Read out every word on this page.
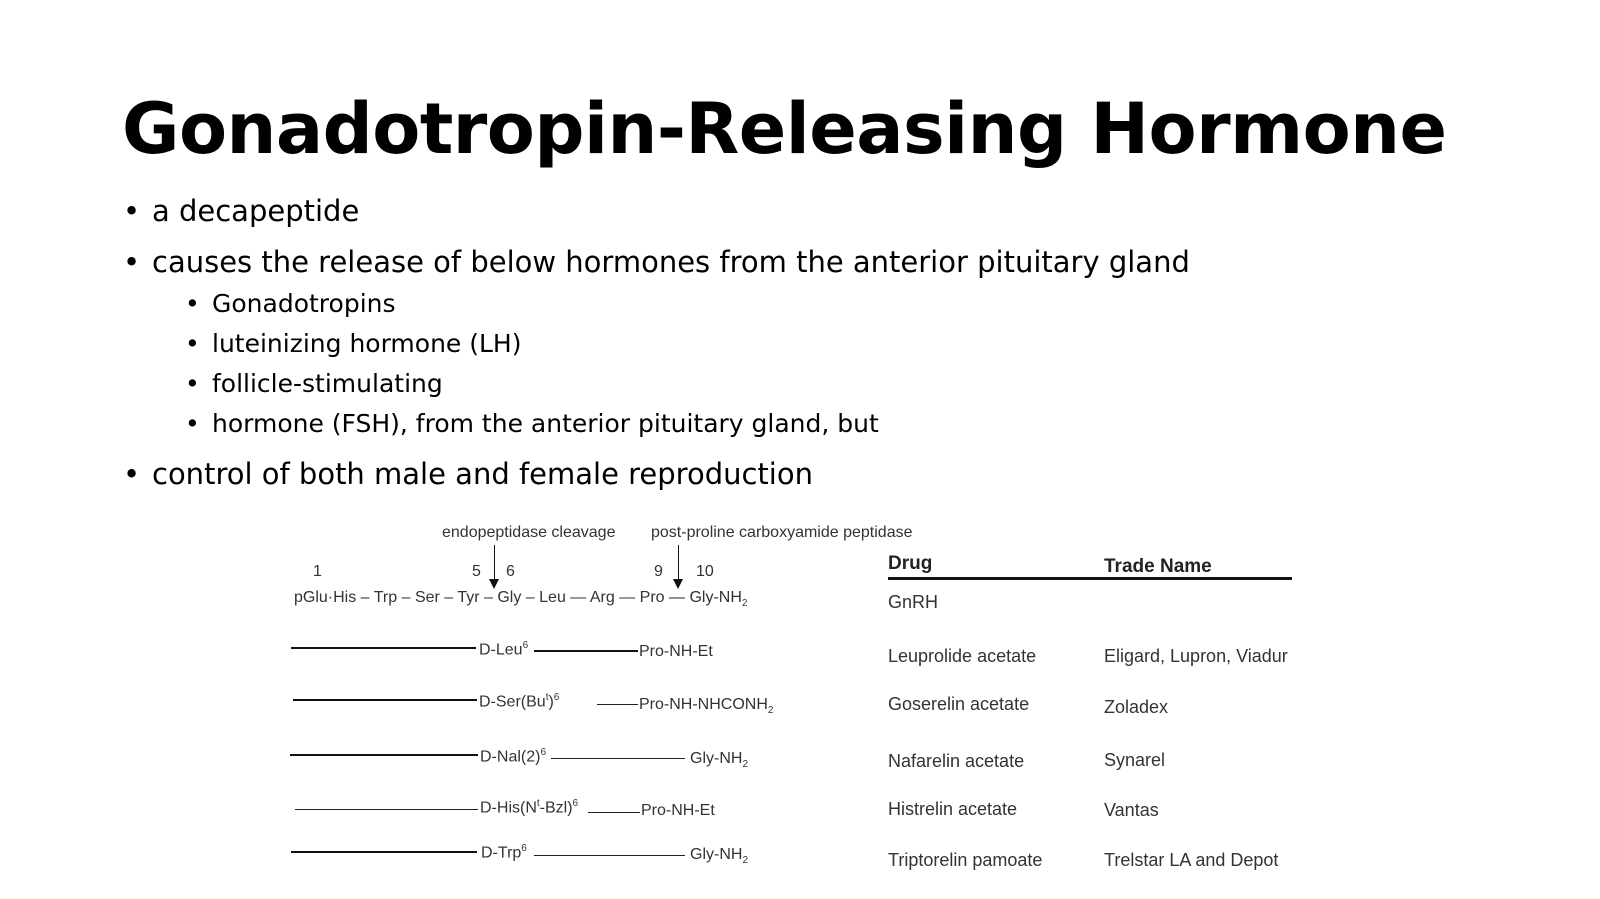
Gonadotropin-Releasing Hormone
• a decapeptide
• causes the release of below hormones from the anterior pituitary gland
• Gonadotropins
• luteinizing hormone (LH)
• follicle-stimulating
• hormone (FSH), from the anterior pituitary gland, but
• control of both male and female reproduction
endopeptidase cleavage post-proline carboxyamide peptidase
1	5 6	9 10
pGlu·His – Trp – Ser – Tyr – Gly – Leu — Arg — Pro — Gly-$NH_2$
D-Leu$^6$	Pro-NH-Et
$D-Ser(Bu^t)^6$	Pro-$NH-NHCONH_2$
$D-Nal(2)^6$	Gly-$NH_2$
$D-His(N^t-Bzl)^6$	Pro-NH-Et
D-Trp$^6$	Gly-$NH_2$
Drug	Trade Name
GnRH
Leuprolide acetate	Eligard, Lupron, Viadur
Goserelin acetate	Zoladex
Nafarelin acetate	Synarel
Histrelin acetate	Vantas
Triptorelin pamoate	Trelstar LA and Depot
